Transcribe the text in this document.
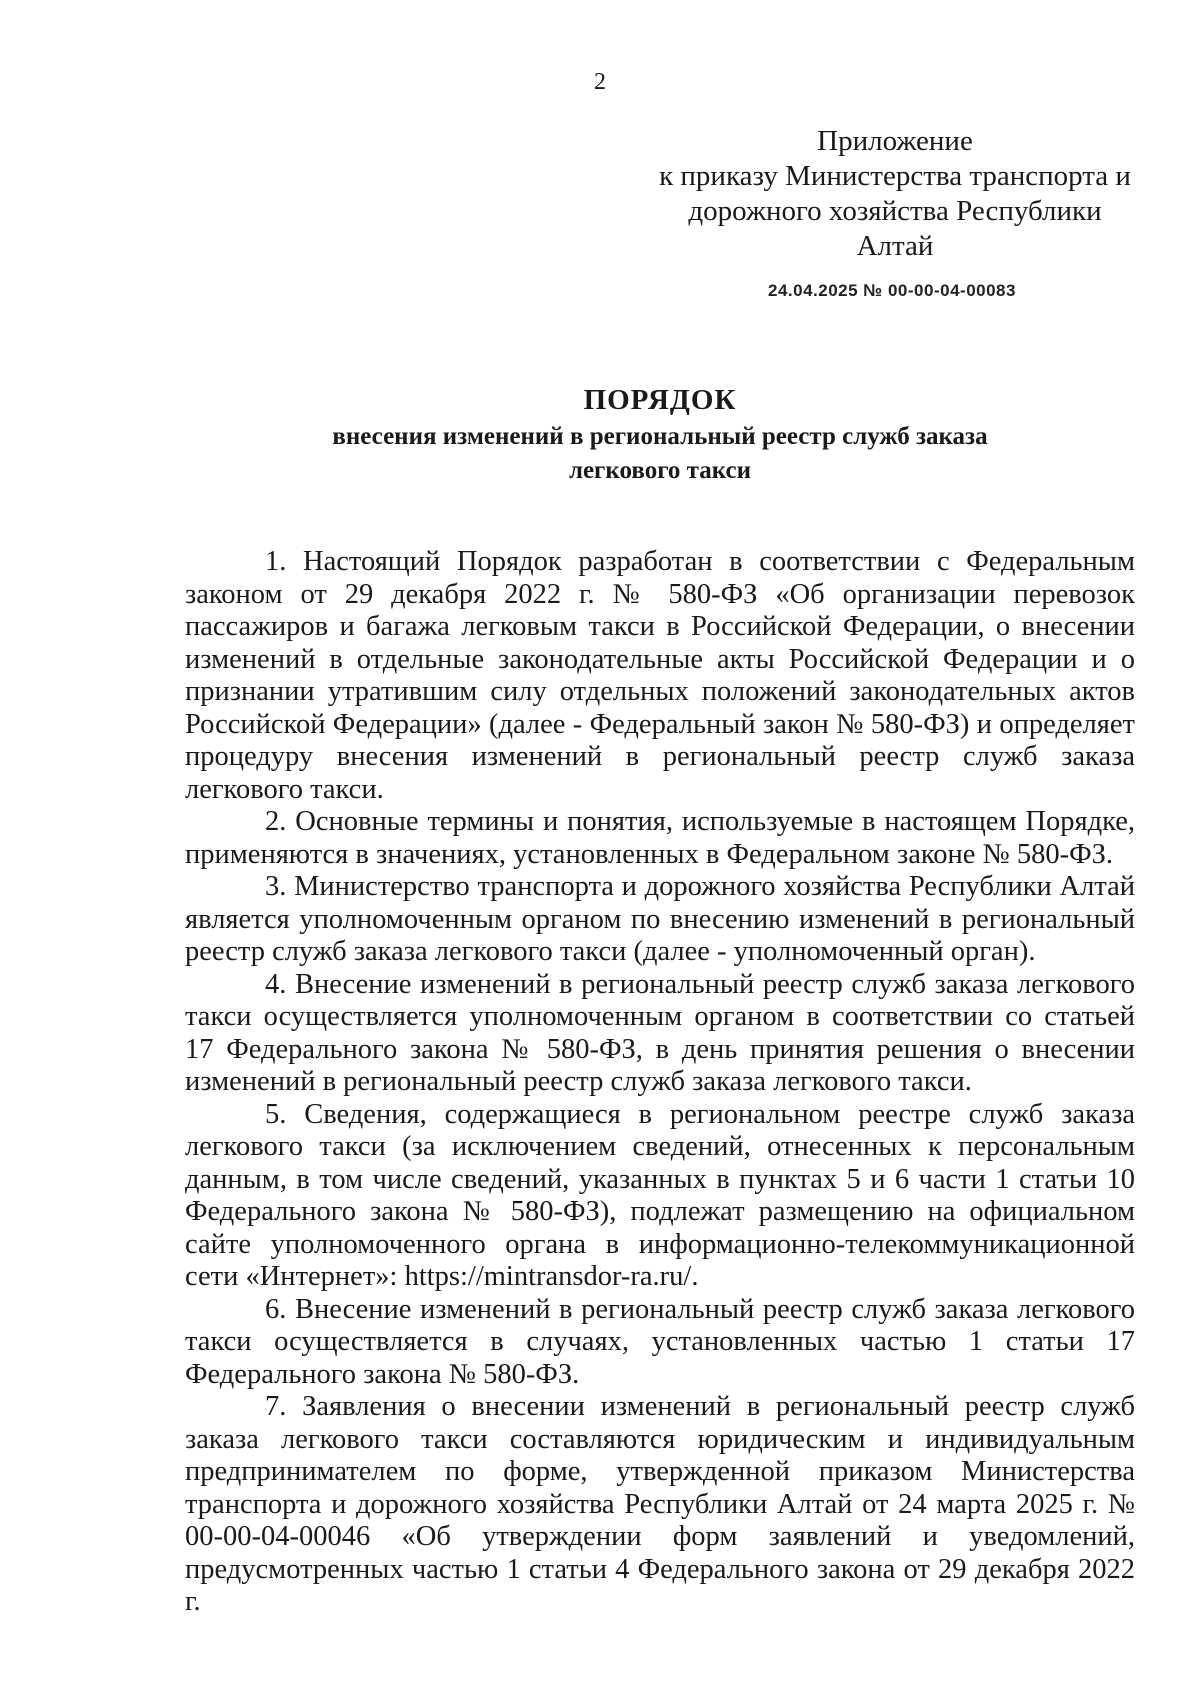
2
Приложение
к приказу Министерства транспорта и
дорожного хозяйства Республики
Алтай
24.04.2025 № 00-00-04-00083
ПОРЯДОК
внесения изменений в региональный реестр служб заказа
легкового такси

1. Настоящий Порядок разработан в соответствии с Федеральным законом от 29 декабря 2022 г. № 580-ФЗ «Об организации перевозок пассажиров и багажа легковым такси в Российской Федерации, о внесении изменений в отдельные законодательные акты Российской Федерации и о признании утратившим силу отдельных положений законодательных актов Российской Федерации» (далее - Федеральный закон № 580-ФЗ) и определяет процедуру внесения изменений в региональный реестр служб заказа легкового такси.

2. Основные термины и понятия, используемые в настоящем Порядке, применяются в значениях, установленных в Федеральном законе № 580-ФЗ.

3. Министерство транспорта и дорожного хозяйства Республики Алтай является уполномоченным органом по внесению изменений в региональный реестр служб заказа легкового такси (далее - уполномоченный орган).

4. Внесение изменений в региональный реестр служб заказа легкового такси осуществляется уполномоченным органом в соответствии со статьей 17 Федерального закона № 580-ФЗ, в день принятия решения о внесении изменений в региональный реестр служб заказа легкового такси.

5. Сведения, содержащиеся в региональном реестре служб заказа легкового такси (за исключением сведений, отнесенных к персональным данным, в том числе сведений, указанных в пунктах 5 и 6 части 1 статьи 10 Федерального закона № 580-ФЗ), подлежат размещению на официальном сайте уполномоченного органа в информационно-телекоммуникационной сети «Интернет»: https://mintransdor-ra.ru/.

6. Внесение изменений в региональный реестр служб заказа легкового такси осуществляется в случаях, установленных частью 1 статьи 17 Федерального закона № 580-ФЗ.

7. Заявления о внесении изменений в региональный реестр служб заказа легкового такси составляются юридическим и индивидуальным предпринимателем по форме, утвержденной приказом Министерства транспорта и дорожного хозяйства Республики Алтай от 24 марта 2025 г. № 00-00-04-00046 «Об утверждении форм заявлений и уведомлений, предусмотренных частью 1 статьи 4 Федерального закона от 29 декабря 2022 г.
